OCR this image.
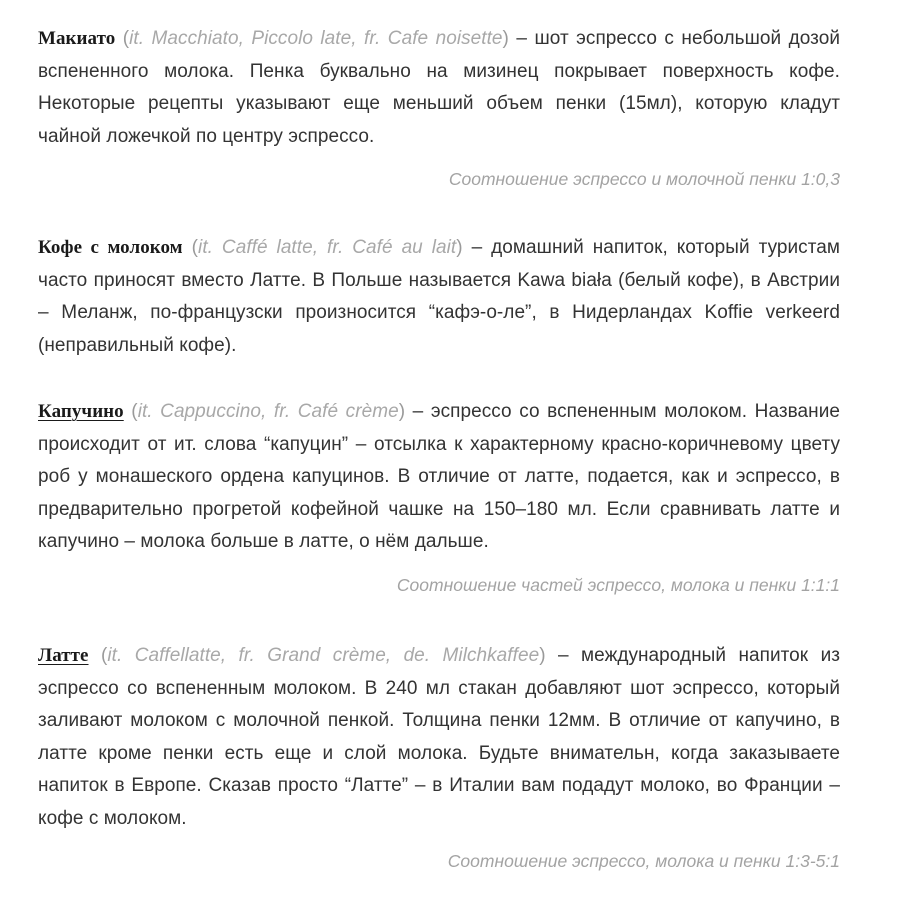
Макиато (it. Macchiato, Piccolo late, fr. Cafe noisette) – шот эспрессо с небольшой дозой вспененного молока. Пенка буквально на мизинец покрывает поверхность кофе. Некоторые рецепты указывают еще меньший объем пенки (15мл), которую кладут чайной ложечкой по центру эспрессо.

Соотношение эспрессо и молочной пенки 1:0,3

Кофе с молоком (it. Caffé latte, fr. Café au lait) – домашний напиток, который туристам часто приносят вместо Латте. В Польше называется Kawa biała (белый кофе), в Австрии – Меланж, по-французски произносится “кафэ-о-ле”, в Нидерландах Koffie verkeerd (неправильный кофе).

Капучино (it. Cappuccino, fr. Café crème) – эспрессо со вспененным молоком. Название происходит от ит. слова “капуцин” – отсылка к характерному красно-коричневому цвету роб у монашеского ордена капуцинов. В отличие от латте, подается, как и эспрессо, в предварительно прогретой кофейной чашке на 150–180 мл. Если сравнивать латте и капучино – молока больше в латте, о нём дальше.

Соотношение частей эспрессо, молока и пенки 1:1:1

Латте (it. Caffellatte, fr. Grand crème, de. Milchkaffee) – международный напиток из эспрессо со вспененным молоком. В 240 мл стакан добавляют шот эспрессо, который заливают молоком с молочной пенкой. Толщина пенки 12мм. В отличие от капучино, в латте кроме пенки есть еще и слой молока. Будьте внимательн, когда заказываете напиток в Европе. Сказав просто “Латте” – в Италии вам подадут молоко, во Франции – кофе с молоком.

Соотношение эспрессо, молока и пенки 1:3-5:1
